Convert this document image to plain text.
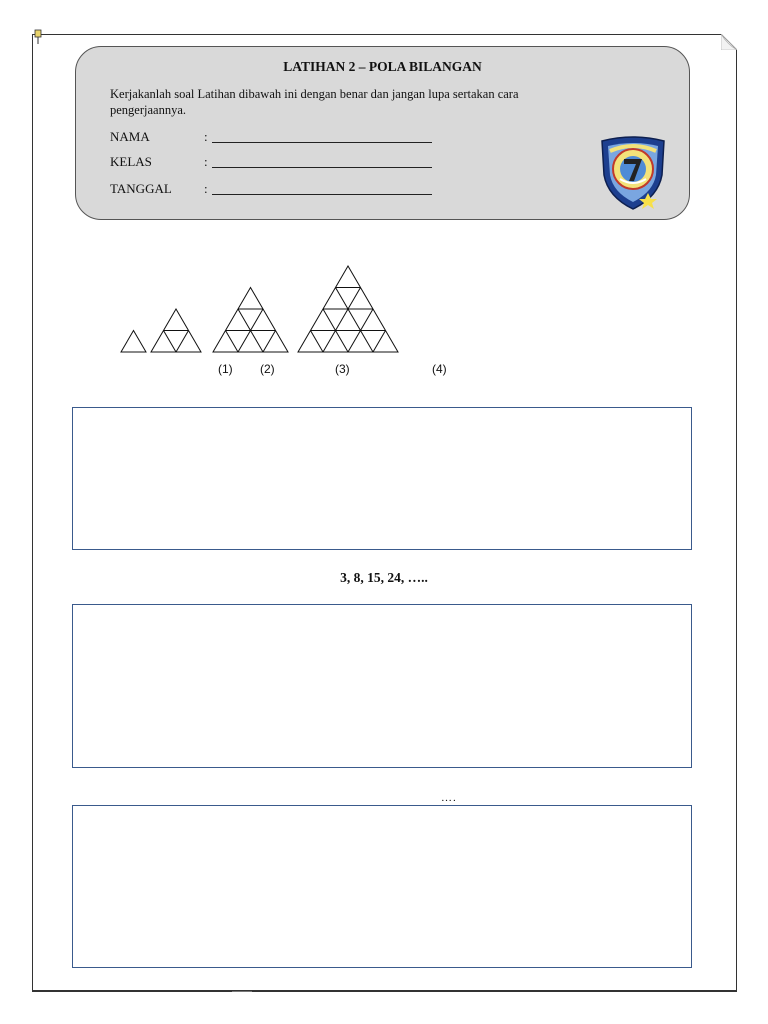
LATIHAN 2 – POLA BILANGAN
Kerjakanlah soal Latihan dibawah ini dengan benar dan jangan lupa sertakan cara pengerjaannya.
NAMA	:
KELAS	:
TANGGAL :
(1) (2)	(3)	(4)
3, 8, 15, 24, …..
….
